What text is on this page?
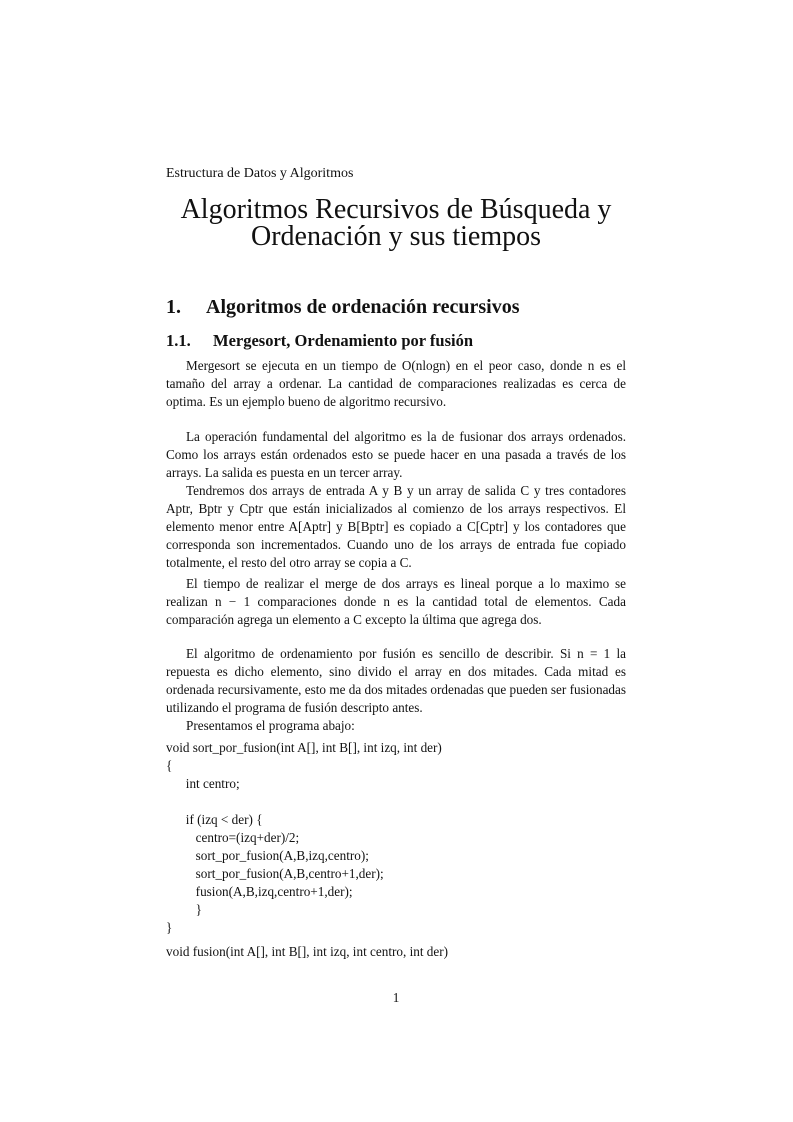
Estructura de Datos y Algoritmos
Algoritmos Recursivos de Búsqueda y Ordenación y sus tiempos
1. Algoritmos de ordenación recursivos
1.1. Mergesort, Ordenamiento por fusión

Mergesort se ejecuta en un tiempo de O(nlogn) en el peor caso, donde n es el tamaño del array a ordenar. La cantidad de comparaciones realizadas es cerca de optima. Es un ejemplo bueno de algoritmo recursivo.

La operación fundamental del algoritmo es la de fusionar dos arrays ordenados. Como los arrays están ordenados esto se puede hacer en una pasada a través de los arrays. La salida es puesta en un tercer array.

Tendremos dos arrays de entrada A y B y un array de salida C y tres contadores Aptr, Bptr y Cptr que están inicializados al comienzo de los arrays respectivos. El elemento menor entre A[Aptr] y B[Bptr] es copiado a C[Cptr] y los contadores que corresponda son incrementados. Cuando uno de los arrays de entrada fue copiado totalmente, el resto del otro array se copia a C.

El tiempo de realizar el merge de dos arrays es lineal porque a lo maximo se realizan n − 1 comparaciones donde n es la cantidad total de elementos. Cada comparación agrega un elemento a C excepto la última que agrega dos.

El algoritmo de ordenamiento por fusión es sencillo de describir. Si n = 1 la repuesta es dicho elemento, sino divido el array en dos mitades. Cada mitad es ordenada recursivamente, esto me da dos mitades ordenadas que pueden ser fusionadas utilizando el programa de fusión descripto antes.

Presentamos el programa abajo:

void sort_por_fusion(int A[], int B[], int izq, int der)
{
int centro;

if (izq < der) {
centro=(izq+der)/2;
sort_por_fusion(A,B,izq,centro);
sort_por_fusion(A,B,centro+1,der);
fusion(A,B,izq,centro+1,der);
}
}
void fusion(int A[], int B[], int izq, int centro, int der)
1
